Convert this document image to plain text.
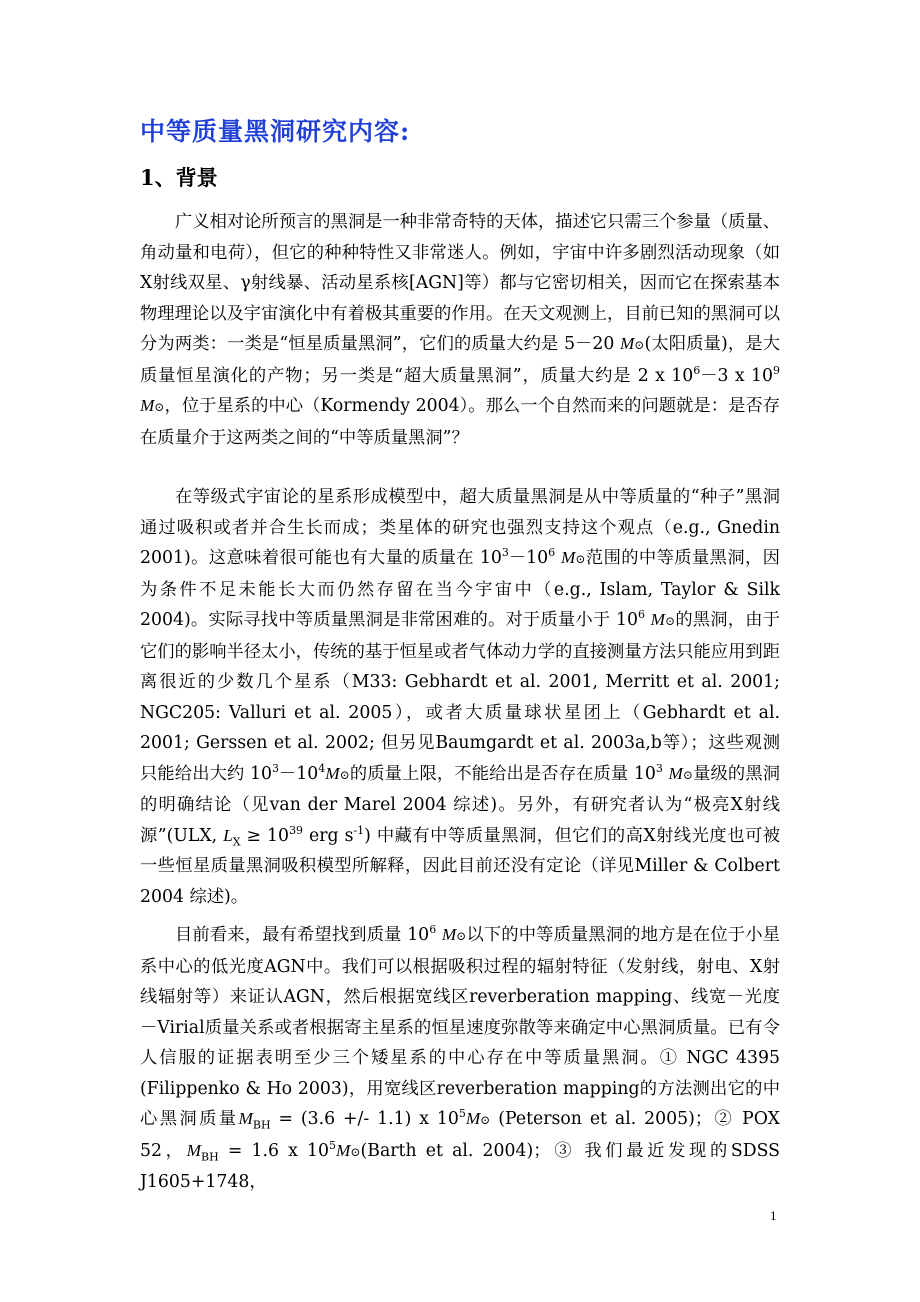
中等质量黑洞研究内容:
1、背景

广义相对论所预言的黑洞是一种非常奇特的天体，描述它只需三个参量（质量、角动量和电荷），但它的种种特性又非常迷人。例如，宇宙中许多剧烈活动现象（如X射线双星、γ射线暴、活动星系核[AGN]等）都与它密切相关，因而它在探索基本物理理论以及宇宙演化中有着极其重要的作用。在天文观测上，目前已知的黑洞可以分为两类：一类是“恒星质量黑洞”，它们的质量大约是 5－20 M⊙(太阳质量)，是大质量恒星演化的产物；另一类是“超大质量黑洞”，质量大约是 2 x $10^6-3$ x $10^9$ M⊙，位于星系的中心（Kormendy 2004）。那么一个自然而来的问题就是：是否存在质量介于这两类之间的“中等质量黑洞”？

在等级式宇宙论的星系形成模型中，超大质量黑洞是从中等质量的“种子”黑洞通过吸积或者并合生长而成；类星体的研究也强烈支持这个观点（e.g., Gnedin 2001)。这意味着很可能也有大量的质量在 $10^3-10^6$ M⊙范围的中等质量黑洞，因为条件不足未能长大而仍然存留在当今宇宙中（e.g., Islam, Taylor & Silk 2004)。实际寻找中等质量黑洞是非常困难的。对于质量小于 $10^6$ M⊙的黑洞，由于它们的影响半径太小，传统的基于恒星或者气体动力学的直接测量方法只能应用到距离很近的少数几个星系（M33: Gebhardt et al. 2001, Merritt et al. 2001; NGC205: Valluri et al. 2005），或者大质量球状星团上（Gebhardt et al. 2001; Gerssen et al. 2002; 但另见Baumgardt et al. 2003a,b等）；这些观测只能给出大约 $10^3-10^4M⊙$的质量上限，不能给出是否存在质量 $10^3$ M⊙量级的黑洞的明确结论（见van der Marel 2004 综述)。另外，有研究者认为“极亮X射线源”(ULX, $L_X \ge 10^{39}$ erg $s^{-1}$) 中藏有中等质量黑洞，但它们的高X射线光度也可被一些恒星质量黑洞吸积模型所解释，因此目前还没有定论（详见Miller & Colbert 2004 综述)。

目前看来，最有希望找到质量 $10^6$ M⊙以下的中等质量黑洞的地方是在位于小星系中心的低光度AGN中。我们可以根据吸积过程的辐射特征（发射线，射电、X射线辐射等）来证认AGN，然后根据宽线区reverberation mapping、线宽－光度－Virial质量关系或者根据寄主星系的恒星速度弥散等来确定中心黑洞质量。已有令人信服的证据表明至少三个矮星系的中心存在中等质量黑洞。① NGC 4395 (Filippenko & Ho 2003)，用宽线区reverberation mapping的方法测出它的中心黑洞质量$M_{BH} = (3.6$ +/- 1.1) x $10^5M⊙$ (Peterson et al. 2005)；② POX 52，$M_{BH} = 1.6$ x $10^5M⊙(Barth$ et al. 2004)；③ 我们最近发现的SDSS J1605+1748，

1
